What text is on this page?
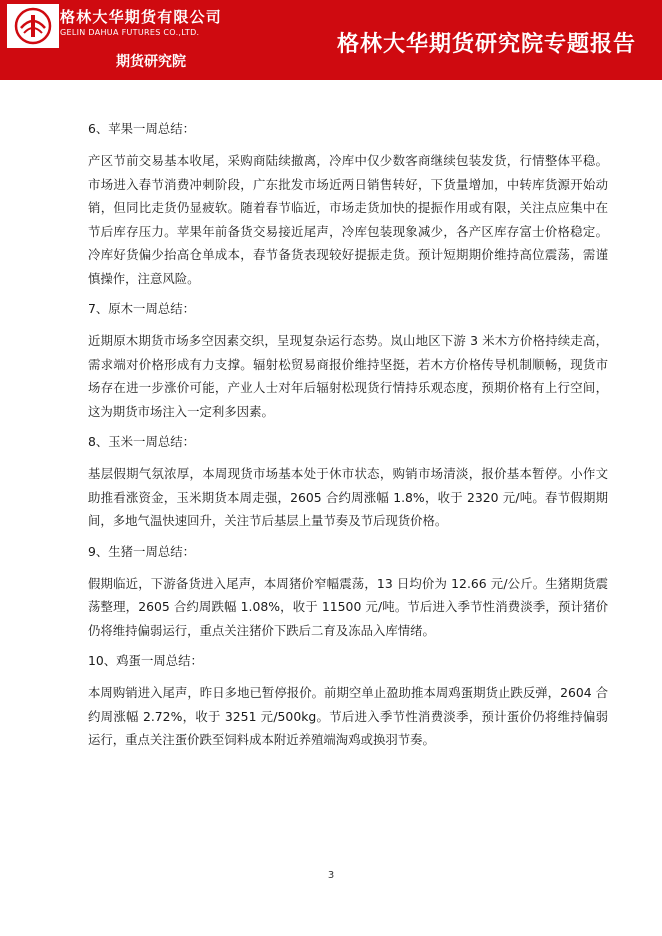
格林大华期货有限公司
GELIN DAHUA FUTURES CO.,LTD.
期货研究院
格林大华期货研究院专题报告
6、苹果一周总结：

产区节前交易基本收尾，采购商陆续撤离，冷库中仅少数客商继续包装发货，行情整体平稳。市场进入春节消费冲刺阶段，广东批发市场近两日销售转好，下货量增加，中转库货源开始动销，但同比走货仍显疲软。随着春节临近，市场走货加快的提振作用或有限，关注点应集中在节后库存压力。苹果年前备货交易接近尾声，冷库包装现象减少，各产区库存富士价格稳定。冷库好货偏少抬高仓单成本，春节备货表现较好提振走货。预计短期期价维持高位震荡，需谨慎操作，注意风险。

7、原木一周总结：

近期原木期货市场多空因素交织，呈现复杂运行态势。岚山地区下游 3 米木方价格持续走高，需求端对价格形成有力支撑。辐射松贸易商报价维持坚挺，若木方价格传导机制顺畅，现货市场存在进一步涨价可能，产业人士对年后辐射松现货行情持乐观态度，预期价格有上行空间，这为期货市场注入一定利多因素。

8、玉米一周总结：

基层假期气氛浓厚，本周现货市场基本处于休市状态，购销市场清淡，报价基本暂停。小作文助推看涨资金，玉米期货本周走强，2605 合约周涨幅 1.8%，收于 2320 元/吨。春节假期期间，多地气温快速回升，关注节后基层上量节奏及节后现货价格。

9、生猪一周总结：

假期临近，下游备货进入尾声，本周猪价窄幅震荡，13 日均价为 12.66 元/公斤。生猪期货震荡整理，2605 合约周跌幅 1.08%，收于 11500 元/吨。节后进入季节性消费淡季，预计猪价仍将维持偏弱运行，重点关注猪价下跌后二育及冻品入库情绪。

10、鸡蛋一周总结：

本周购销进入尾声，昨日多地已暂停报价。前期空单止盈助推本周鸡蛋期货止跌反弹，2604 合约周涨幅 2.72%，收于 3251 元/500kg。节后进入季节性消费淡季，预计蛋价仍将维持偏弱运行，重点关注蛋价跌至饲料成本附近养殖端淘鸡或换羽节奏。

3
